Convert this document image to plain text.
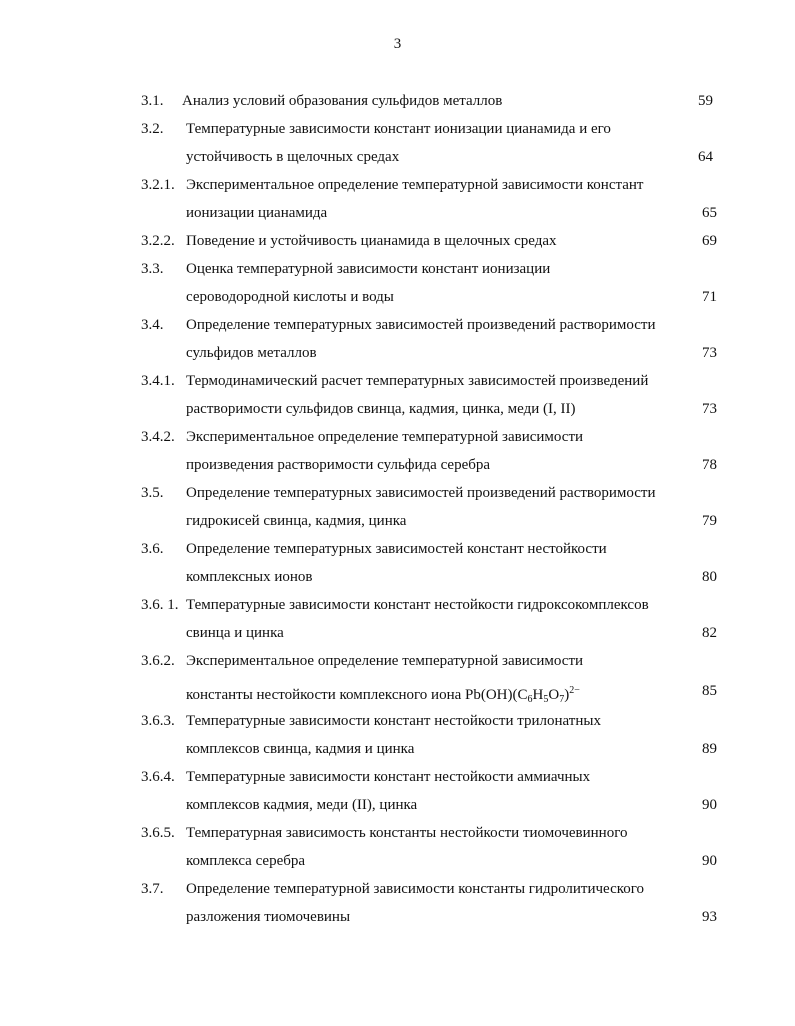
3
3.1. Анализ условий образования сульфидов металлов	59
3.2. Температурные зависимости констант ионизации цианамида и его
устойчивость в щелочных средах	64
3.2.1. Экспериментальное определение температурной зависимости констант
ионизации цианамида	65
3.2.2. Поведение и устойчивость цианамида в щелочных средах	69
3.3. Оценка температурной зависимости констант ионизации
сероводородной кислоты и воды	71
3.4. Определение температурных зависимостей произведений растворимости
сульфидов металлов	73
3.4.1. Термодинамический расчет температурных зависимостей произведений
растворимости сульфидов свинца, кадмия, цинка, меди (I, II)	73
3.4.2. Экспериментальное определение температурной зависимости
произведения растворимости сульфида серебра	78
3.5. Определение температурных зависимостей произведений растворимости
гидрокисей свинца, кадмия, цинка	79
3.6. Определение температурных зависимостей констант нестойкости
комплексных ионов	80
3.6. 1. Температурные зависимости констант нестойкости гидроксокомплексов
свинца и цинка	82
3.6.2. Экспериментальное определение температурной зависимости
константы нестойкости комплексного иона $Pb(OH)(C_6H_5O_7)^{2-}$	85
3.6.3. Температурные зависимости констант нестойкости трилонатных
комплексов свинца, кадмия и цинка	89
3.6.4. Температурные зависимости констант нестойкости аммиачных
комплексов кадмия, меди (II), цинка	90
3.6.5. Температурная зависимость константы нестойкости тиомочевинного
комплекса серебра	90
3.7. Определение температурной зависимости константы гидролитического
разложения тиомочевины	93
